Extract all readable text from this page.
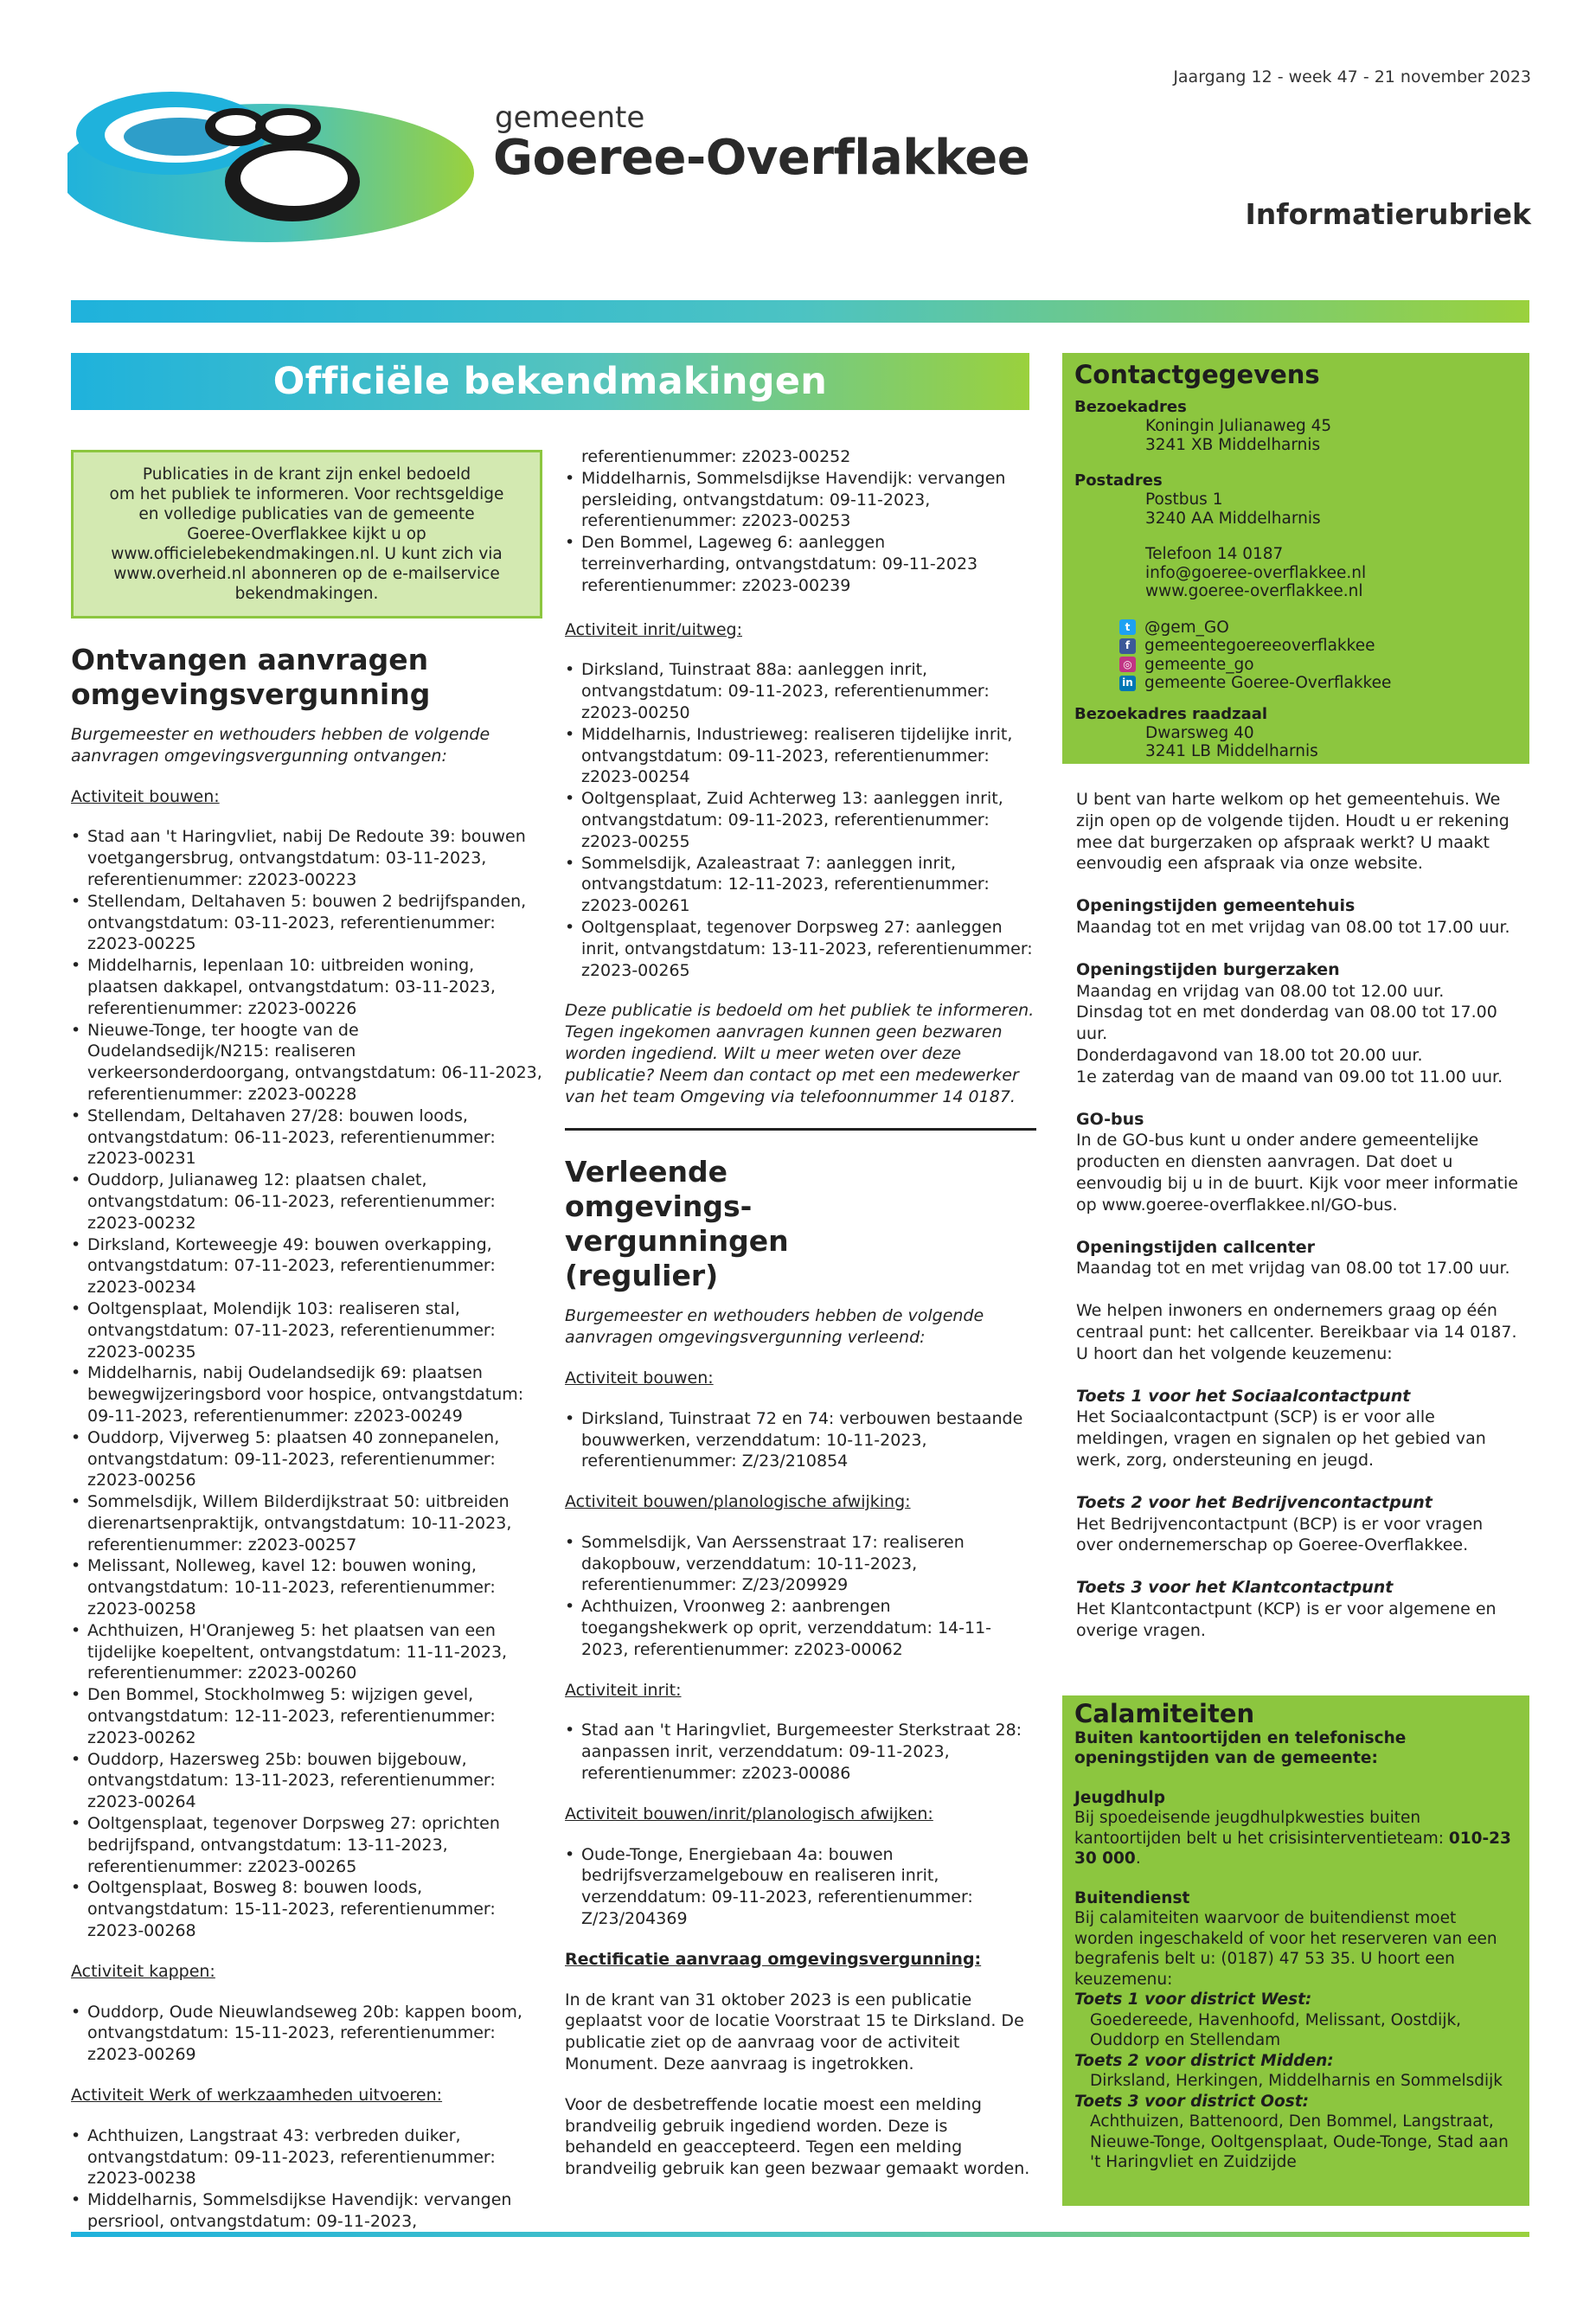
Jaargang 12 - week 47 - 21 november 2023
gemeente
Goeree-Overflakkee
Informatierubriek
Officiële bekendmakingen
Publicaties in de krant zijn enkel bedoeld
om het publiek te informeren. Voor rechtsgeldige
en volledige publicaties van de gemeente
Goeree-Overflakkee kijkt u op
www.officielebekendmakingen.nl. U kunt zich via
www.overheid.nl abonneren op de e-mailservice
bekendmakingen.
Ontvangen aanvragen omgevingsvergunning
Burgemeester en wethouders hebben de volgende aanvragen omgevingsvergunning ontvangen:
Activiteit bouwen:
• Stad aan 't Haringvliet, nabij De Redoute 39: bouwen voetgangersbrug, ontvangstdatum: 03-11-2023, referentienummer: z2023-00223
• Stellendam, Deltahaven 5: bouwen 2 bedrijfspanden, ontvangstdatum: 03-11-2023, referentienummer: z2023-00225
• Middelharnis, Iepenlaan 10: uitbreiden woning, plaatsen dakkapel, ontvangstdatum: 03-11-2023, referentienummer: z2023-00226
• Nieuwe-Tonge, ter hoogte van de Oudelandsedijk/N215: realiseren verkeersonderdoorgang, ontvangstdatum: 06-11-2023, referentienummer: z2023-00228
• Stellendam, Deltahaven 27/28: bouwen loods, ontvangstdatum: 06-11-2023, referentienummer: z2023-00231
• Ouddorp, Julianaweg 12: plaatsen chalet, ontvangstdatum: 06-11-2023, referentienummer: z2023-00232
• Dirksland, Korteweegje 49: bouwen overkapping, ontvangstdatum: 07-11-2023, referentienummer: z2023-00234
• Ooltgensplaat, Molendijk 103: realiseren stal, ontvangstdatum: 07-11-2023, referentienummer: z2023-00235
• Middelharnis, nabij Oudelandsedijk 69: plaatsen bewegwijzeringsbord voor hospice, ontvangstdatum: 09-11-2023, referentienummer: z2023-00249
• Ouddorp, Vijverweg 5: plaatsen 40 zonnepanelen, ontvangstdatum: 09-11-2023, referentienummer: z2023-00256
• Sommelsdijk, Willem Bilderdijkstraat 50: uitbreiden dierenartsenpraktijk, ontvangstdatum: 10-11-2023, referentienummer: z2023-00257
• Melissant, Nolleweg, kavel 12: bouwen woning, ontvangstdatum: 10-11-2023, referentienummer: z2023-00258
• Achthuizen, H'Oranjeweg 5: het plaatsen van een tijdelijke koepeltent, ontvangstdatum: 11-11-2023, referentienummer: z2023-00260
• Den Bommel, Stockholmweg 5: wijzigen gevel, ontvangstdatum: 12-11-2023, referentienummer: z2023-00262
• Ouddorp, Hazersweg 25b: bouwen bijgebouw, ontvangstdatum: 13-11-2023, referentienummer: z2023-00264
• Ooltgensplaat, tegenover Dorpsweg 27: oprichten bedrijfspand, ontvangstdatum: 13-11-2023, referentienummer: z2023-00265
• Ooltgensplaat, Bosweg 8: bouwen loods, ontvangstdatum: 15-11-2023, referentienummer: z2023-00268
Activiteit kappen:
• Ouddorp, Oude Nieuwlandseweg 20b: kappen boom, ontvangstdatum: 15-11-2023, referentienummer: z2023-00269
Activiteit Werk of werkzaamheden uitvoeren:
• Achthuizen, Langstraat 43: verbreden duiker, ontvangstdatum: 09-11-2023, referentienummer: z2023-00238
• Middelharnis, Sommelsdijkse Havendijk: vervangen persriool, ontvangstdatum: 09-11-2023,
referentienummer: z2023-00252
• Middelharnis, Sommelsdijkse Havendijk: vervangen persleiding, ontvangstdatum: 09-11-2023, referentienummer: z2023-00253
• Den Bommel, Lageweg 6: aanleggen terreinverharding, ontvangstdatum: 09-11-2023 referentienummer: z2023-00239
Activiteit inrit/uitweg:
• Dirksland, Tuinstraat 88a: aanleggen inrit, ontvangstdatum: 09-11-2023, referentienummer: z2023-00250
• Middelharnis, Industrieweg: realiseren tijdelijke inrit, ontvangstdatum: 09-11-2023, referentienummer: z2023-00254
• Ooltgensplaat, Zuid Achterweg 13: aanleggen inrit, ontvangstdatum: 09-11-2023, referentienummer: z2023-00255
• Sommelsdijk, Azaleastraat 7: aanleggen inrit, ontvangstdatum: 12-11-2023, referentienummer: z2023-00261
• Ooltgensplaat, tegenover Dorpsweg 27: aanleggen inrit, ontvangstdatum: 13-11-2023, referentienummer: z2023-00265
Deze publicatie is bedoeld om het publiek te informeren. Tegen ingekomen aanvragen kunnen geen bezwaren worden ingediend. Wilt u meer weten over deze publicatie? Neem dan contact op met een medewerker van het team Omgeving via telefoonnummer 14 0187.
Verleende omgevings-vergunningen (regulier)
Burgemeester en wethouders hebben de volgende aanvragen omgevingsvergunning verleend:
Activiteit bouwen:
• Dirksland, Tuinstraat 72 en 74: verbouwen bestaande bouwwerken, verzenddatum: 10-11-2023, referentienummer: Z/23/210854
Activiteit bouwen/planologische afwijking:
• Sommelsdijk, Van Aerssenstraat 17: realiseren dakopbouw, verzenddatum: 10-11-2023, referentienummer: Z/23/209929
• Achthuizen, Vroonweg 2: aanbrengen toegangshekwerk op oprit, verzenddatum: 14-11-2023, referentienummer: z2023-00062
Activiteit inrit:
• Stad aan 't Haringvliet, Burgemeester Sterkstraat 28: aanpassen inrit, verzenddatum: 09-11-2023, referentienummer: z2023-00086
Activiteit bouwen/inrit/planologisch afwijken:
• Oude-Tonge, Energiebaan 4a: bouwen bedrijfsverzamelgebouw en realiseren inrit, verzenddatum: 09-11-2023, referentienummer: Z/23/204369
Rectificatie aanvraag omgevingsvergunning:
In de krant van 31 oktober 2023 is een publicatie geplaatst voor de locatie Voorstraat 15 te Dirksland. De publicatie ziet op de aanvraag voor de activiteit Monument. Deze aanvraag is ingetrokken.
Voor de desbetreffende locatie moest een melding brandveilig gebruik ingediend worden. Deze is behandeld en geaccepteerd. Tegen een melding brandveilig gebruik kan geen bezwaar gemaakt worden.
Contactgegevens
Bezoekadres
Koningin Julianaweg 45
3241 XB Middelharnis
Postadres
Postbus 1
3240 AA Middelharnis
Telefoon 14 0187
info@goeree-overflakkee.nl
www.goeree-overflakkee.nl
t @gem_GO
f gemeentegoereeoverflakkee
◎ gemeente_go
in gemeente Goeree-Overflakkee
Bezoekadres raadzaal
Dwarsweg 40
3241 LB Middelharnis
U bent van harte welkom op het gemeentehuis. We zijn open op de volgende tijden. Houdt u er rekening mee dat burgerzaken op afspraak werkt? U maakt eenvoudig een afspraak via onze website.
Openingstijden gemeentehuis
Maandag tot en met vrijdag van 08.00 tot 17.00 uur.
Openingstijden burgerzaken
Maandag en vrijdag van 08.00 tot 12.00 uur.
Dinsdag tot en met donderdag van 08.00 tot 17.00 uur.
Donderdagavond van 18.00 tot 20.00 uur.
1e zaterdag van de maand van 09.00 tot 11.00 uur.
GO-bus
In de GO-bus kunt u onder andere gemeentelijke producten en diensten aanvragen. Dat doet u eenvoudig bij u in de buurt. Kijk voor meer informatie op www.goeree-overflakkee.nl/GO-bus.
Openingstijden callcenter
Maandag tot en met vrijdag van 08.00 tot 17.00 uur.
We helpen inwoners en ondernemers graag op één centraal punt: het callcenter. Bereikbaar via 14 0187. U hoort dan het volgende keuzemenu:
Toets 1 voor het Sociaalcontactpunt
Het Sociaalcontactpunt (SCP) is er voor alle meldingen, vragen en signalen op het gebied van werk, zorg, ondersteuning en jeugd.
Toets 2 voor het Bedrijvencontactpunt
Het Bedrijvencontactpunt (BCP) is er voor vragen over ondernemerschap op Goeree-Overflakkee.
Toets 3 voor het Klantcontactpunt
Het Klantcontactpunt (KCP) is er voor algemene en overige vragen.
Calamiteiten
Buiten kantoortijden en telefonische openingstijden van de gemeente:
Jeugdhulp
Bij spoedeisende jeugdhulpkwesties buiten kantoortijden belt u het crisisinterventieteam: 010-23 30 000.
Buitendienst
Bij calamiteiten waarvoor de buitendienst moet worden ingeschakeld of voor het reserveren van een begrafenis belt u: (0187) 47 53 35. U hoort een keuzemenu:
Toets 1 voor district West:
Goedereede, Havenhoofd, Melissant, Oostdijk, Ouddorp en Stellendam
Toets 2 voor district Midden:
Dirksland, Herkingen, Middelharnis en Sommelsdijk
Toets 3 voor district Oost:
Achthuizen, Battenoord, Den Bommel, Langstraat, Nieuwe-Tonge, Ooltgensplaat, Oude-Tonge, Stad aan 't Haringvliet en Zuidzijde
